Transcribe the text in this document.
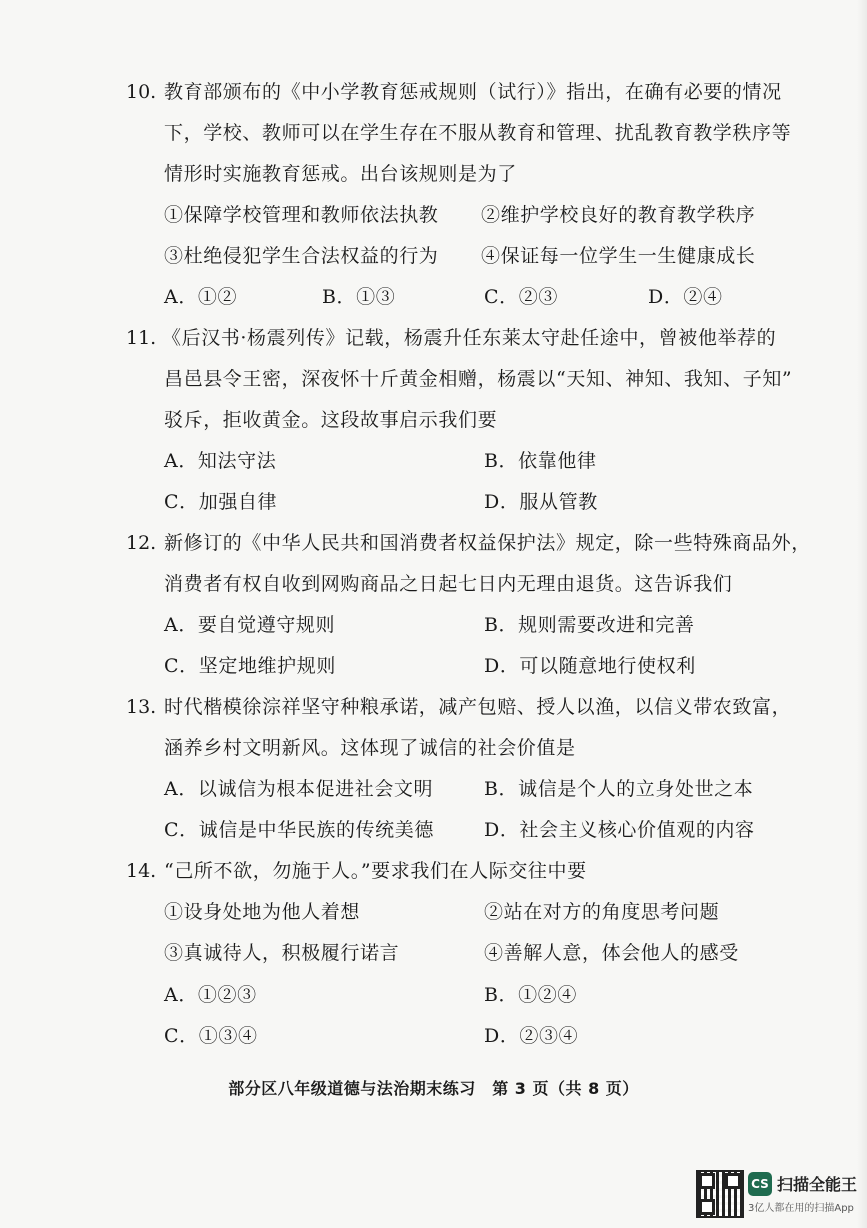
10. 教育部颁布的《中小学教育惩戒规则（试行）》指出，在确有必要的情况
下，学校、教师可以在学生存在不服从教育和管理、扰乱教育教学秩序等
情形时实施教育惩戒。出台该规则是为了
①保障学校管理和教师依法执教 ②维护学校良好的教育教学秩序
③杜绝侵犯学生合法权益的行为 ④保证每一位学生一生健康成长
A．①②	B．①③	C．②③	D．②④
11. 《后汉书·杨震列传》记载，杨震升任东莱太守赴任途中，曾被他举荐的
昌邑县令王密，深夜怀十斤黄金相赠，杨震以“天知、神知、我知、子知”
驳斥，拒收黄金。这段故事启示我们要
A．知法守法	B．依靠他律
C．加强自律	D．服从管教
12. 新修订的《中华人民共和国消费者权益保护法》规定，除一些特殊商品外，
消费者有权自收到网购商品之日起七日内无理由退货。这告诉我们
A．要自觉遵守规则	B．规则需要改进和完善
C．坚定地维护规则	D．可以随意地行使权利
13. 时代楷模徐淙祥坚守种粮承诺，减产包赔、授人以渔，以信义带农致富，
涵养乡村文明新风。这体现了诚信的社会价值是
A．以诚信为根本促进社会文明	B．诚信是个人的立身处世之本
C．诚信是中华民族的传统美德	D．社会主义核心价值观的内容
14. “己所不欲，勿施于人。”要求我们在人际交往中要
①设身处地为他人着想	②站在对方的角度思考问题
③真诚待人，积极履行诺言	④善解人意，体会他人的感受
A．①②③	B．①②④
C．①③④	D．②③④
部分区八年级道德与法治期末练习　第 3 页（共 8 页）
CS 扫描全能王
3亿人都在用的扫描App
